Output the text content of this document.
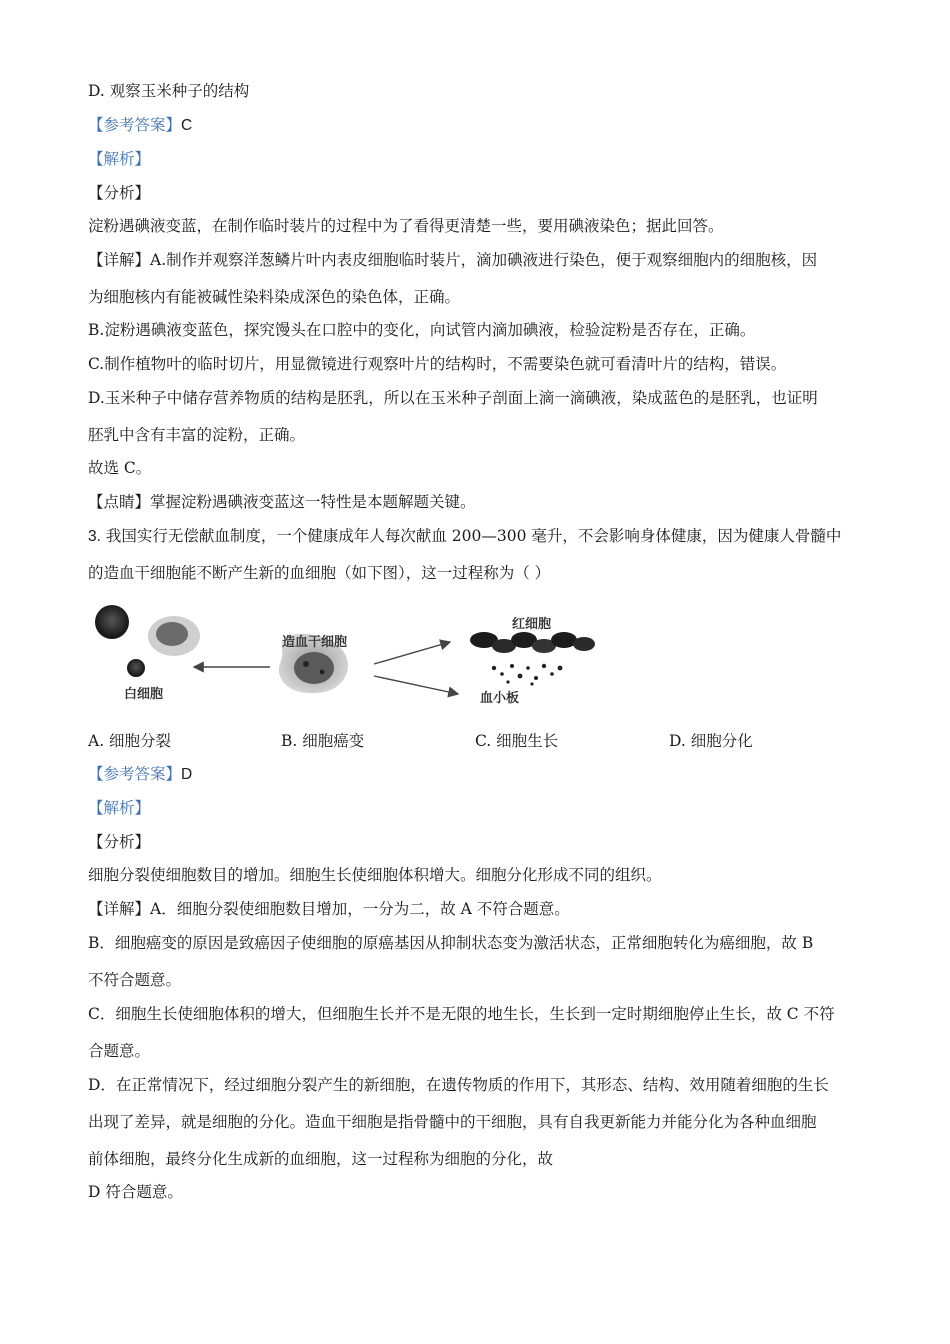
D. 观察玉米种子的结构
【参考答案】C
【解析】
【分析】
淀粉遇碘液变蓝，在制作临时装片的过程中为了看得更清楚一些，要用碘液染色；据此回答。
【详解】A.制作并观察洋葱鳞片叶内表皮细胞临时装片，滴加碘液进行染色，便于观察细胞内的细胞核，因
为细胞核内有能被碱性染料染成深色的染色体，正确。
B.淀粉遇碘液变蓝色，探究馒头在口腔中的变化，向试管内滴加碘液，检验淀粉是否存在，正确。
C.制作植物叶的临时切片，用显微镜进行观察叶片的结构时，不需要染色就可看清叶片的结构，错误。
D.玉米种子中储存营养物质的结构是胚乳，所以在玉米种子剖面上滴一滴碘液，染成蓝色的是胚乳，也证明
胚乳中含有丰富的淀粉，正确。
故选 C。
【点睛】掌握淀粉遇碘液变蓝这一特性是本题解题关键。
3. 我国实行无偿献血制度，一个健康成年人每次献血 200—300 毫升，不会影响身体健康，因为健康人骨髓中
的造血干细胞能不断产生新的血细胞（如下图），这一过程称为（ ）
造血干细胞
红细胞
血小板
白细胞
A. 细胞分裂	B. 细胞癌变	C. 细胞生长	D. 细胞分化
【参考答案】D
【解析】
【分析】
细胞分裂使细胞数目的增加。细胞生长使细胞体积增大。细胞分化形成不同的组织。
【详解】A．细胞分裂使细胞数目增加，一分为二，故 A 不符合题意。
B．细胞癌变的原因是致癌因子使细胞的原癌基因从抑制状态变为激活状态，正常细胞转化为癌细胞，故 B
不符合题意。
C．细胞生长使细胞体积的增大，但细胞生长并不是无限的地生长，生长到一定时期细胞停止生长，故 C 不符
合题意。
D．在正常情况下，经过细胞分裂产生的新细胞，在遗传物质的作用下，其形态、结构、效用随着细胞的生长
出现了差异，就是细胞的分化。造血干细胞是指骨髓中的干细胞，具有自我更新能力并能分化为各种血细胞
前体细胞，最终分化生成新的血细胞，这一过程称为细胞的分化，故
D 符合题意。
